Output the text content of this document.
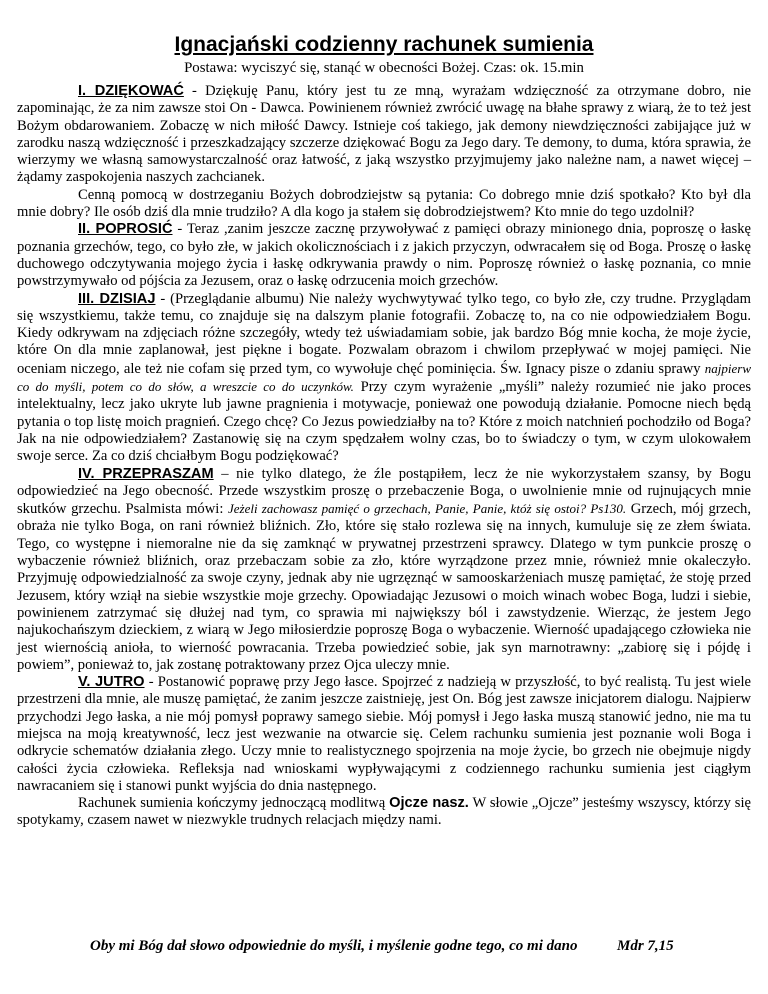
Ignacjański codzienny rachunek sumienia
Postawa: wyciszyć się, stanąć w obecności Bożej. Czas: ok. 15.min

I. DZIĘKOWAĆ - Dziękuję Panu, który jest tu ze mną, wyrażam wdzięczność za otrzymane dobro, nie zapominając, że za nim zawsze stoi On - Dawca. Powinienem również zwrócić uwagę na błahe sprawy z wiarą, że to też jest Bożym obdarowaniem. Zobaczę w nich miłość Dawcy. Istnieje coś takiego, jak demony niewdzięczności zabijające już w zarodku naszą wdzięczność i przeszkadzający szczerze dziękować Bogu za Jego dary. Te demony, to duma, która sprawia, że wierzymy we własną samowystarczalność oraz łatwość, z jaką wszystko przyjmujemy jako należne nam, a nawet więcej – żądamy zaspokojenia naszych zachcianek.

Cenną pomocą w dostrzeganiu Bożych dobrodziejstw są pytania: Co dobrego mnie dziś spotkało? Kto był dla mnie dobry? Ile osób dziś dla mnie trudziło? A dla kogo ja stałem się dobrodziejstwem? Kto mnie do tego uzdolnił?

II. POPROSIĆ - Teraz ,zanim jeszcze zacznę przywoływać z pamięci obrazy minionego dnia, poproszę o łaskę poznania grzechów, tego, co było złe, w jakich okolicznościach i z jakich przyczyn, odwracałem się od Boga. Proszę o łaskę duchowego odczytywania mojego życia i łaskę odkrywania prawdy o nim. Poproszę również o łaskę poznania, co mnie powstrzymywało od pójścia za Jezusem, oraz o łaskę odrzucenia moich grzechów.

III. DZISIAJ - (Przeglądanie albumu) Nie należy wychwytywać tylko tego, co było złe, czy trudne. Przyglądam się wszystkiemu, także temu, co znajduje się na dalszym planie fotografii. Zobaczę to, na co nie odpowiedziałem Bogu. Kiedy odkrywam na zdjęciach różne szczegóły, wtedy też uświadamiam sobie, jak bardzo Bóg mnie kocha, że moje życie, które On dla mnie zaplanował, jest piękne i bogate. Pozwalam obrazom i chwilom przepływać w mojej pamięci. Nie oceniam niczego, ale też nie cofam się przed tym, co wywołuje chęć pominięcia. Św. Ignacy pisze o zdaniu sprawy najpierw co do myśli, potem co do słów, a wreszcie co do uczynków. Przy czym wyrażenie „myśli” należy rozumieć nie jako proces intelektualny, lecz jako ukryte lub jawne pragnienia i motywacje, ponieważ one powodują działanie. Pomocne niech będą pytania o top listę moich pragnień. Czego chcę? Co Jezus powiedziałby na to? Które z moich natchnień pochodziło od Boga? Jak na nie odpowiedziałem? Zastanowię się na czym spędzałem wolny czas, bo to świadczy o tym, w czym ulokowałem swoje serce. Za co dziś chciałbym Bogu podziękować?

IV. PRZEPRASZAM – nie tylko dlatego, że źle postąpiłem, lecz że nie wykorzystałem szansy, by Bogu odpowiedzieć na Jego obecność. Przede wszystkim proszę o przebaczenie Boga, o uwolnienie mnie od rujnujących mnie skutków grzechu. Psalmista mówi: Jeżeli zachowasz pamięć o grzechach, Panie, Panie, któż się ostoi? Ps130. Grzech, mój grzech, obraża nie tylko Boga, on rani również bliźnich. Zło, które się stało rozlewa się na innych, kumuluje się ze złem świata. Tego, co występne i niemoralne nie da się zamknąć w prywatnej przestrzeni sprawcy. Dlatego w tym punkcie proszę o wybaczenie również bliźnich, oraz przebaczam sobie za zło, które wyrządzone przez mnie, również mnie okaleczyło. Przyjmuję odpowiedzialność za swoje czyny, jednak aby nie ugrzęznąć w samooskarżeniach muszę pamiętać, że stoję przed Jezusem, który wziął na siebie wszystkie moje grzechy. Opowiadając Jezusowi o moich winach wobec Boga, ludzi i siebie, powinienem zatrzymać się dłużej nad tym, co sprawia mi największy ból i zawstydzenie. Wierząc, że jestem Jego najukochańszym dzieckiem, z wiarą w Jego miłosierdzie poproszę Boga o wybaczenie. Wierność upadającego człowieka nie jest wiernością anioła, to wierność powracania. Trzeba powiedzieć sobie, jak syn marnotrawny: „zabiorę się i pójdę i powiem”, ponieważ to, jak zostanę potraktowany przez Ojca uleczy mnie.

V. JUTRO - Postanowić poprawę przy Jego łasce. Spojrzeć z nadzieją w przyszłość, to być realistą. Tu jest wiele przestrzeni dla mnie, ale muszę pamiętać, że zanim jeszcze zaistnieję, jest On. Bóg jest zawsze inicjatorem dialogu. Najpierw przychodzi Jego łaska, a nie mój pomysł poprawy samego siebie. Mój pomysł i Jego łaska muszą stanowić jedno, nie ma tu miejsca na moją kreatywność, lecz jest wezwanie na otwarcie się. Celem rachunku sumienia jest poznanie woli Boga i odkrycie schematów działania złego. Uczy mnie to realistycznego spojrzenia na moje życie, bo grzech nie obejmuje nigdy całości życia człowieka. Refleksja nad wnioskami wypływającymi z codziennego rachunku sumienia jest ciągłym nawracaniem się i stanowi punkt wyjścia do dnia następnego.

Rachunek sumienia kończymy jednoczącą modlitwą Ojcze nasz. W słowie „Ojcze” jesteśmy wszyscy, którzy się spotykamy, czasem nawet w niezwykle trudnych relacjach między nami.

Oby mi Bóg dał słowo odpowiednie do myśli, i myślenie godne tego, co mi dano	Mdr 7,15
